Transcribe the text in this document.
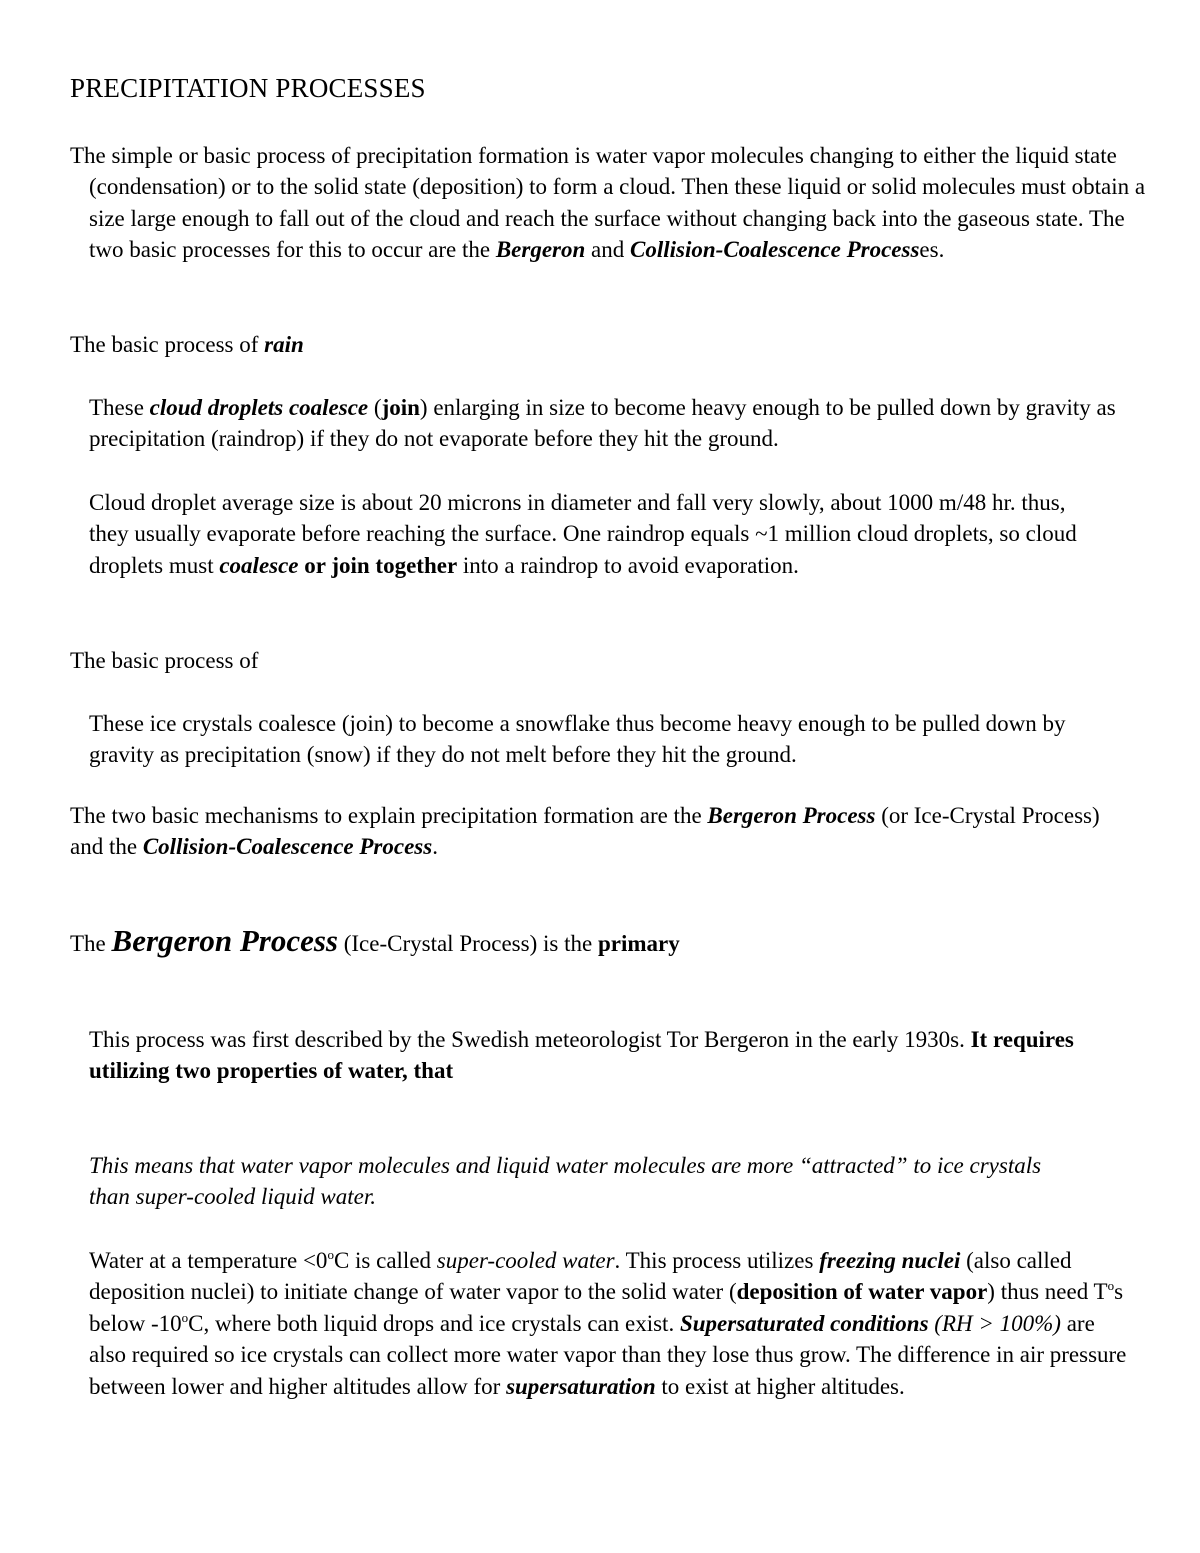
PRECIPITATION PROCESSES

The simple or basic process of precipitation formation is water vapor molecules changing to either the liquid state (condensation) or to the solid state (deposition) to form a cloud. Then these liquid or solid molecules must obtain a size large enough to fall out of the cloud and reach the surface without changing back into the gaseous state. The two basic processes for this to occur are the Bergeron and Collision-Coalescence Processes.

The basic process of rain

These cloud droplets coalesce (join) enlarging in size to become heavy enough to be pulled down by gravity as precipitation (raindrop) if they do not evaporate before they hit the ground.

Cloud droplet average size is about 20 microns in diameter and fall very slowly, about 1000 m/48 hr. thus, they usually evaporate before reaching the surface. One raindrop equals ~1 million cloud droplets, so cloud droplets must coalesce or join together into a raindrop to avoid evaporation.

The basic process of

These ice crystals coalesce (join) to become a snowflake thus become heavy enough to be pulled down by gravity as precipitation (snow) if they do not melt before they hit the ground.

The two basic mechanisms to explain precipitation formation are the Bergeron Process (or Ice-Crystal Process) and the Collision-Coalescence Process.

The Bergeron Process (Ice-Crystal Process) is the primary

This process was first described by the Swedish meteorologist Tor Bergeron in the early 1930s. It requires utilizing two properties of water, that

This means that water vapor molecules and liquid water molecules are more “attracted” to ice crystals than super-cooled liquid water.

Water at a temperature $<0^oC$ is called super-cooled water. This process utilizes freezing nuclei (also called deposition nuclei) to initiate change of water vapor to the solid water (deposition of water vapor) thus need $T^os$ below -10$^o$C, where both liquid drops and ice crystals can exist. Supersaturated conditions (RH > 100%) are also required so ice crystals can collect more water vapor than they lose thus grow. The difference in air pressure between lower and higher altitudes allow for supersaturation to exist at higher altitudes.
